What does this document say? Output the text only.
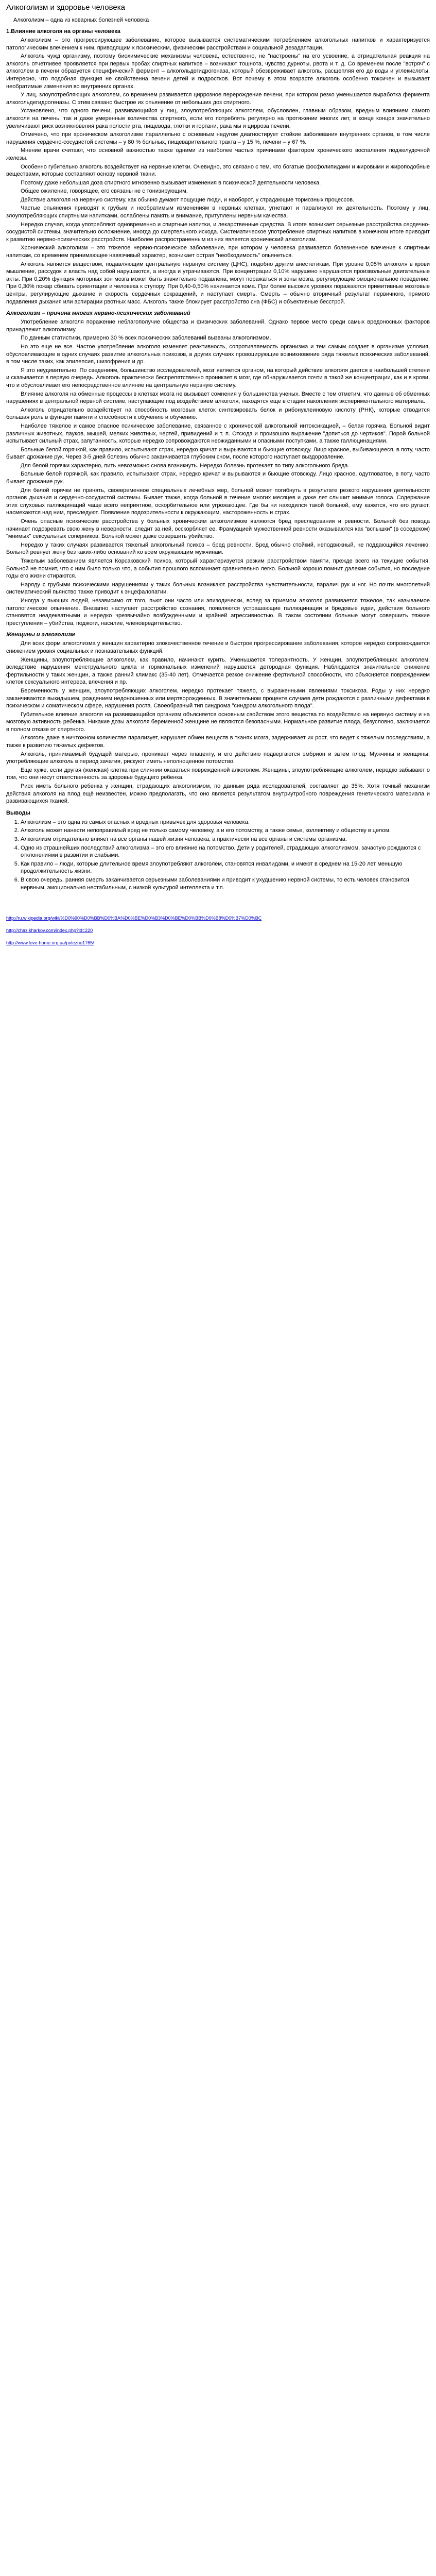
Алкоголизм и здоровье человека
Алкоголизм – одна из коварных болезней человека
1.Влияние алкоголя на органы человека

Алкоголизм – это прогрессирующее заболевание, которое вызывается систематическим потреблением алкогольных напитков и характеризуется патологическим влечением к ним, приводящим к психическим, физическим расстройствам и социальной дезадаптации.

Алкоголь чужд организму, поэтому биохимические механизмы человека, естественно, не "настроены" на его усвоение, а отрицательная реакция на алкоголь отчетливее проявляется при первых пробах спиртных напитков – возникают тошнота, чувство дурноты, рвота и т. д. Со временем после "встряч" с алкоголем в печени образуется специфический фермент – алкогольдегидрогеназа, который обезвреживает алкоголь, расщепляя его до воды и углекислоты. Интересно, что подобная функция не свойственна печени детей и подростков. Вот почему в этом возрасте алкоголь особенно токсичен и вызывает необратимые изменения во внутренних органах.

У лиц, злоупотребляющих алкоголем, со временем развивается циррозное перерождение печени, при котором резко уменьшается выработка фермента алкогольдегидрогеназы. С этим связано быстрое их опьянение от небольших доз спиртного.

Установлено, что одного печени, развивающийся у лиц, злоупотребляющих алкоголем, обусловлен, главным образом, вредным влиянием самого алкоголя на печень, так и даже умеренные количества спиртного, если его потреблять регулярно на протяжении многих лет, в конце концов значительно увеличивают риск возникновения рака полости рта, пищевода, глотки и гортани, рака мы и цирроза печени.

Отмечено, что при хроническом алкоголизме параллельно с основным недугом диагностирует стойкие заболевания внутренних органов, в том числе нарушения сердечно-сосудистой системы – у 80 % больных, пищеварительного тракта – у 15 %, печени – у 67 %.

Мнение врачи считают, что основной важностью также одними из наиболее частых причинами фактором хронического воспаления поджелудочной железы.

Особенно губительно алкоголь воздействует на нервные клетки. Очевидно, это связано с тем, что богатые фосфолипидами и жировыми и жироподобные веществами, которые составляют основу нервной ткани.

Поэтому даже небольшая доза спиртного мгновенно вызывает изменения в психической деятельности человека.

Общее ожиление, говорящее, его связаны не с тонизирующим.

Действие алкоголя на нервную систему, как обычно думают пощущие люди, и наоборот, у страдающие тормозных процессов.

Частые опьянения приводят к грубым и необратимым изменениям в нервных клетках, угнетают и парализуют их деятельность. Поэтому у лиц, злоупотребляющих спиртными напитками, ослаблены память и внимание, притуплены нервным качества.

Нередко случая, когда употребляют одновременно и спиртные напитки, и лекарственные средства. В итоге возникает серьезные расстройства сердечно-сосудистой системы, значительно осложнение, иногда до смертельного исхода. Систематическое употребление спиртных напитков в конечном итоге приводит к развитию нервно-психических расстройств. Наиболее распространенным из них является хронический алкоголизм.

Хронический алкоголизм – это тяжелое нервно-психическое заболевание, при котором у человека развивается болезненное влечение к спиртным напиткам, со временем принимающее навязчивый характер, возникает острая "необходимость" опьянеться.

Алкоголь является веществом, подавляющим центральную нервную систему (ЦНС), подобно другим анестетикам. При уровне 0,05% алкоголя в крови мышление, рассудок и власть над собой нарушаются, а иногда и утрачиваются. При концентрации 0,10% нарушено нарушаются произвольные двигательные акты. При 0,20% функция моторных зон мозга может быть значительно подавлена, могут поражаться и зоны мозга, регулирующие эмоциональное поведение. При 0,30% пожар сбивать ориентации и человека к ступору. При 0,40-0,50% начинается кома. При более высоких уровнях поражаются примитивные мозговые центры, регулирующие дыхание и скорость сердечных сокращений, и наступает смерть. Смерть – обычно вторичный результат первичного, прямого подавления дыхания или аспирации рвотных масс. Алкоголь также блокирует расстройство сна (ФБС) и объективные бесстрой.

Алкоголизм – причина многих нервно-психических заболеваний

Употребление алкоголя поражение неблагополучие общества и физических заболеваний. Однако первое место среди самых вредоносных факторов принадлежит алкоголизму.

По данным статистики, примерно 30 % всех психических заболеваний вызваны алкоголизмом.

Но это еще не все. Частое употребление алкоголя изменяет реактивность, сопротивляемость организма и тем самым создает в организме условия, обусловливающие в одних случаях развитие алкогольных психозов, в других случаях провоцирующие возникновение ряда тяжелых психических заболеваний, в том числе таких, как эпилепсия, шизофрения и др.

Я это неудивительно. По сведениям, большинство исследователей, мозг является органом, на который действие алкоголя дается в наибольшей степени и сказывается в первую очередь. Алкоголь практически беспрепятственно проникает в мозг, где обнаруживается почти в такой же концентрации, как и в крови, что и обусловливает его непосредственное влияние на центральную нервную систему.

Влияние алкоголя на обменные процессы в клетках мозга не вызывает сомнения у большинства ученых. Вместе с тем отметим, что данные об обменных нарушениях в центральной нервной системе, наступающие под воздействием алкоголя, находятся еще в стадии накопления экспериментального материала.

Алкоголь отрицательно воздействует на способность мозговых клеток синтезировать белок и рибонуклеиновую кислоту (РНК), которые отводится большая роль в функции памяти и способности к обучению и обучению.

Наиболее тяжелое и самое опасное психическое заболевание, связанное с хронической алкогольной интоксикацией, – белая горячка. Больной видит различных животных, пауков, мышей, мелких животных, чертей, привидений и т. п. Отсюда и произошло выражение "допиться до чертиков". Порой больной испытывает сильный страх, запутанность, которые нередко сопровождаются неожиданными и опасными поступками, а также галлюцинациями.

Больные белой горячкой, как правило, испытывают страх, нередко кричат и вырываются и бьющие отовсюду. Лицо красное, выбивающееся, в поту, часто бывает дрожание рук. Через 3-5 дней болезнь обычно заканчивается глубоким сном, после которого наступает выздоровление.

Для белой горячки характерно, пить невозможно снова возникнуть. Нередко болезнь протекает по типу алкогольного бреда.

Больные белой горячкой, как правило, испытывают страх, нередко кричат и вырываются и бьющие отовсюду. Лицо красное, одутловатое, в поту, часто бывает дрожание рук.

Для белой горячки не принять, своевременное специальных лечебных мер, больной может погибнуть в результате резкого нарушения деятельности органов дыхания и сердечно-сосудистой системы. Бывает также, когда больной в течение многих месяцев и даже лет слышит мнимые голоса. Содержание этих слуховых галлюцинаций чаще всего неприятное, оскорбительное или угрожающее. Где бы ни находился такой больной, ему кажется, что его ругают, насмехаются над ним, преследуют. Появление подозрительности к окружающим, настороженность и страх.

Очень опасные психические расстройства у больных хроническим алкоголизмом являются бред преследования и ревности. Больной без повода начинает подозревать свою жену в неверности, следит за ней, осскорбляет ее. Фрамуацией мужественной ревности оказываются как "вспышки" (в соседском) "мнимых" сексуальных соперников. Больной может даже совершить убийство.

Нередко у таких случаях развивается тяжелый алкогольный психоз – бред ревности. Бред обычно стойкий, неподвижный, не поддающийся лечению. Больной ревнует жену без каких-либо оснований ко всем окружающим мужчинам.

Тяжелым заболеванием является Корсаковский психоз, который характеризуется резким расстройством памяти, прежде всего на текущие события. Больной не помнит, что с ним было только что, а события прошлого вспоминает сравнительно легко. Больной хорошо помнит далекие события, но последние годы его жизни стираются.

Наряду с грубыми психическими нарушениями у таких больных возникают расстройства чувствительности, паралич рук и ног. Но почти многолетний систематический пьянство также приводит к энцефалопатии.

Иногда у пьющих людей, независимо от того, пьют они часто или эпизодически, вслед за приемом алкоголя развивается тяжелое, так называемое патологическое опьянение. Внезапно наступает расстройство сознания, появляются устрашающие галлюцинации и бредовые идеи, действия больного становятся неадекватными и нередко чрезвычайно возбужденными и крайней агрессивностью. В таком состоянии больные могут совершить тяжкие преступления – убийства, поджоги, насилие, членовредительство.

Женщины и алкоголизм

Для всех форм алкоголизма у женщин характерно злокачественное течение и быстрое прогрессирование заболевания, которое нередко сопровождается снижением уровня социальных и познавательных функций.

Женщины, злоупотребляющие алкоголем, как правило, начинают курить. Уменьшается толерантность. У женщин, злоупотребляющих алкоголем, вследствие нарушения менструального цикла и гормональных изменений нарушается детородная функция. Наблюдается значительное снижение фертильности у таких женщин, а также ранний климакс (35-40 лет). Отмечается резкое снижение фертильной способности, что объясняется повреждением клеток сексуального интереса, влечения и пр.

Беременность у женщин, злоупотребляющих алкоголем, нередко протекает тяжело, с выраженными явлениями токсикоза. Роды у них нередко заканчиваются выкидышем, рождением недоношенных или мертворожденных. В значительном проценте случаев дети рождаются с различными дефектами в психическом и соматическом сфере, нарушения роста. Своеобразный тип синдрома "синдром алкогольного плода".

Губительное влияние алкоголя на развивающийся организм объясняется основным свойством этого вещества по воздействию на нервную систему и на мозговую активность ребенка. Никакие дозы алкоголя беременной женщине не являются безопасными. Нормальное развитие плода, безусловно, заключается в полном отказе от спиртного.

Алкоголь даже в ничтожном количестве парализует, нарушает обмен веществ в тканях мозга, задерживает их рост, что ведет к тяжелым последствиям, а также к развитию тяжелых дефектов.

Алкоголь, принимаемый будущей матерью, проникает через плаценту, и его действию подвергаются эмбрион и затем плод. Мужчины и женщины, употребляющие алкоголь в период зачатия, рискуют иметь неполноценное потомство.

Еще хуже, если другая (женская) клетка при слиянии оказаться поврежденной алкоголем. Женщины, злоупотребляющие алкоголем, нередко забывают о том, что они несут ответственность за здоровье будущего ребенка.

Риск иметь больного ребенка у женщин, страдающих алкоголизмом, по данным ряда исследователей, составляет до 35%. Хотя точный механизм действия алкоголя на плод ещё неизвестен, можно предполагать, что оно является результатом внутриутробного повреждения генетического материала и развивающихся тканей.

Выводы
1. Алкоголизм – это одна из самых опасных и вредных привычек для здоровья человека.
2. Алкоголь может нанести непоправимый вред не только самому человеку, а и его потомству, а также семье, коллективу и обществу в целом.
3. Алкоголизм отрицательно влияет на все органы нашей жизни человека, а практически на все органы и системы организма.
4. Одно из страшнейших последствий алкоголизма – это его влияние на потомство. Дети у родителей, страдающих алкоголизмом, зачастую рождаются с отклонениями в развитии и слабыми.
5. Как правило – люди, которые длительное время злоупотребляют алкоголем, становятся инвалидами, и имеют в среднем на 15-20 лет меньшую продолжительность жизни.
6. В свою очередь, ранняя смерть заканчивается серьезными заболеваниями и приводит к ухудшению нервной системы, то есть человек становится нервным, эмоционально нестабильным, с низкой культурой интеллекта и т.п.
http://ru.wikipedia.org/wiki/%D0%90%D0%BB%D0%BA%D0%BE%D0%B3%D0%BE%D0%BB%D0%B8%D0%B7%D0%BC
http://chaz.kharkov.com/index.php?id=220
http://www.love-home.org.ua/polezno1765/
